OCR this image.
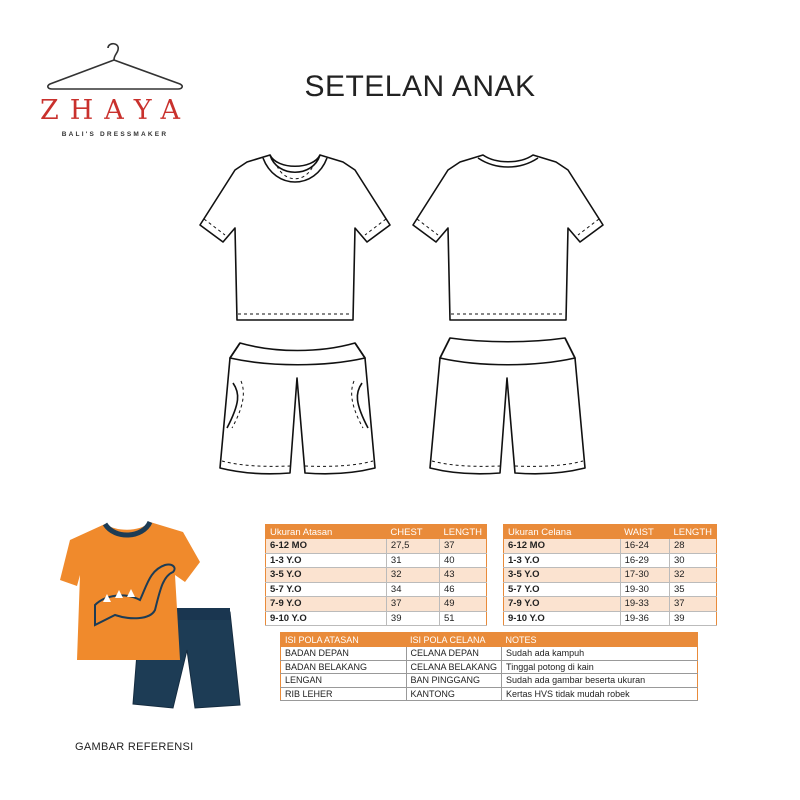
ZHAYA
BALI'S DRESSMAKER
SETELAN ANAK
GAMBAR REFERENSI
Ukuran Atasan	CHEST	LENGTH
6-12 MO	27,5	37
1-3 Y.O	31	40
3-5 Y.O	32	43
5-7 Y.O	34	46
7-9 Y.O	37	49
9-10 Y.O	39	51
Ukuran Celana	WAIST	LENGTH
6-12 MO	16-24	28
1-3 Y.O	16-29	30
3-5 Y.O	17-30	32
5-7 Y.O	19-30	35
7-9 Y.O	19-33	37
9-10 Y.O	19-36	39
ISI POLA ATASAN	ISI POLA CELANA	NOTES
BADAN DEPAN	CELANA DEPAN	Sudah ada kampuh
BADAN BELAKANG	CELANA BELAKANG	Tinggal potong di kain
LENGAN	BAN PINGGANG	Sudah ada gambar beserta ukuran
RIB LEHER	KANTONG	Kertas HVS tidak mudah robek
